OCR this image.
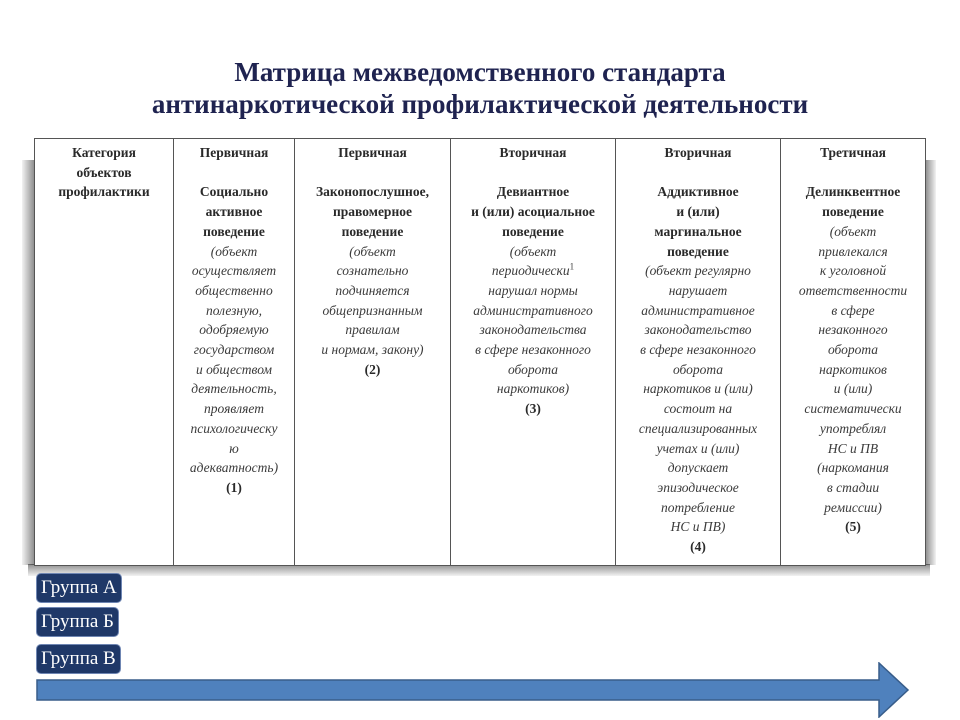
Матрица межведомственного стандарта
антинаркотической профилактической деятельности
Категория
объектов
профилактики
Первичная
Социально
активное
поведение
(объект
осуществляет
общественно
полезную,
одобряемую
государством
и обществом
деятельность,
проявляет
психологическу
ю
адекватность)
(1)
Первичная
Законопослушное,
правомерное
поведение
(объект
сознательно
подчиняется
общепризнанным
правилам
и нормам, закону)
(2)
Вторичная
Девиантное
и (или) асоциальное
поведение
(объект
периодически$^1$
нарушал нормы
административного
законодательства
в сфере незаконного
оборота
наркотиков)
(3)
Вторичная
Аддиктивное
и (или)
маргинальное
поведение
(объект регулярно
нарушает
административное
законодательство
в сфере незаконного
оборота
наркотиков и (или)
состоит на
специализированных
учетах и (или)
допускает
эпизодическое
потребление
НС и ПВ)
(4)
Третичная
Делинквентное
поведение
(объект
привлекался
к уголовной
ответственности
в сфере
незаконного
оборота
наркотиков
и (или)
систематически
употреблял
НС и ПВ
(наркомания
в стадии
ремиссии)
(5)
Группа А
Группа Б
Группа В
